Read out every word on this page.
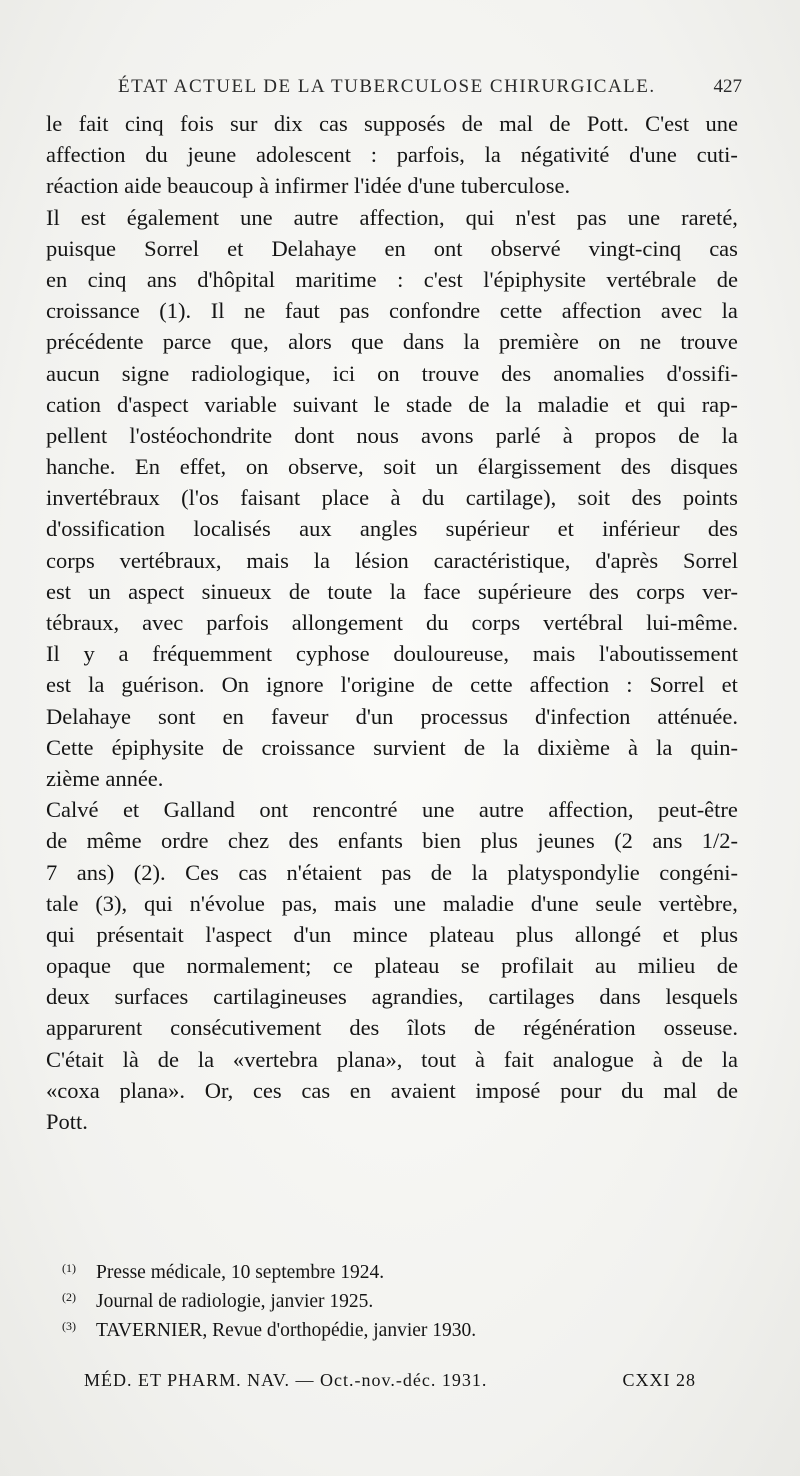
ÉTAT ACTUEL DE LA TUBERCULOSE CHIRURGICALE.	427
le fait cinq fois sur dix cas supposés de mal de Pott. C'est une
affection du jeune adolescent : parfois, la négativité d'une cuti-
réaction aide beaucoup à infirmer l'idée d'une tuberculose.
Il est également une autre affection, qui n'est pas une rareté,
puisque Sorrel et Delahaye en ont observé vingt-cinq cas
en cinq ans d'hôpital maritime : c'est l'épiphysite vertébrale de
croissance (1). Il ne faut pas confondre cette affection avec la
précédente parce que, alors que dans la première on ne trouve
aucun signe radiologique, ici on trouve des anomalies d'ossifi-
cation d'aspect variable suivant le stade de la maladie et qui rap-
pellent l'ostéochondrite dont nous avons parlé à propos de la
hanche. En effet, on observe, soit un élargissement des disques
invertébraux (l'os faisant place à du cartilage), soit des points
d'ossification localisés aux angles supérieur et inférieur des
corps vertébraux, mais la lésion caractéristique, d'après Sorrel
est un aspect sinueux de toute la face supérieure des corps ver-
tébraux, avec parfois allongement du corps vertébral lui-même.
Il y a fréquemment cyphose douloureuse, mais l'aboutissement
est la guérison. On ignore l'origine de cette affection : Sorrel et
Delahaye sont en faveur d'un processus d'infection atténuée.
Cette épiphysite de croissance survient de la dixième à la quin-
zième année.
Calvé et Galland ont rencontré une autre affection, peut-être
de même ordre chez des enfants bien plus jeunes (2 ans 1/2-
7 ans) (2). Ces cas n'étaient pas de la platyspondylie congéni-
tale (3), qui n'évolue pas, mais une maladie d'une seule vertèbre,
qui présentait l'aspect d'un mince plateau plus allongé et plus
opaque que normalement; ce plateau se profilait au milieu de
deux surfaces cartilagineuses agrandies, cartilages dans lesquels
apparurent consécutivement des îlots de régénération osseuse.
C'était là de la «vertebra plana», tout à fait analogue à de la
«coxa plana». Or, ces cas en avaient imposé pour du mal de
Pott.
(1)	Presse médicale, 10 septembre 1924.
(2)	Journal de radiologie, janvier 1925.
(3)	TAVERNIER, Revue d'orthopédie, janvier 1930.
MÉD. ET PHARM. NAV. — Oct.-nov.-déc. 1931.	CXXI 28
